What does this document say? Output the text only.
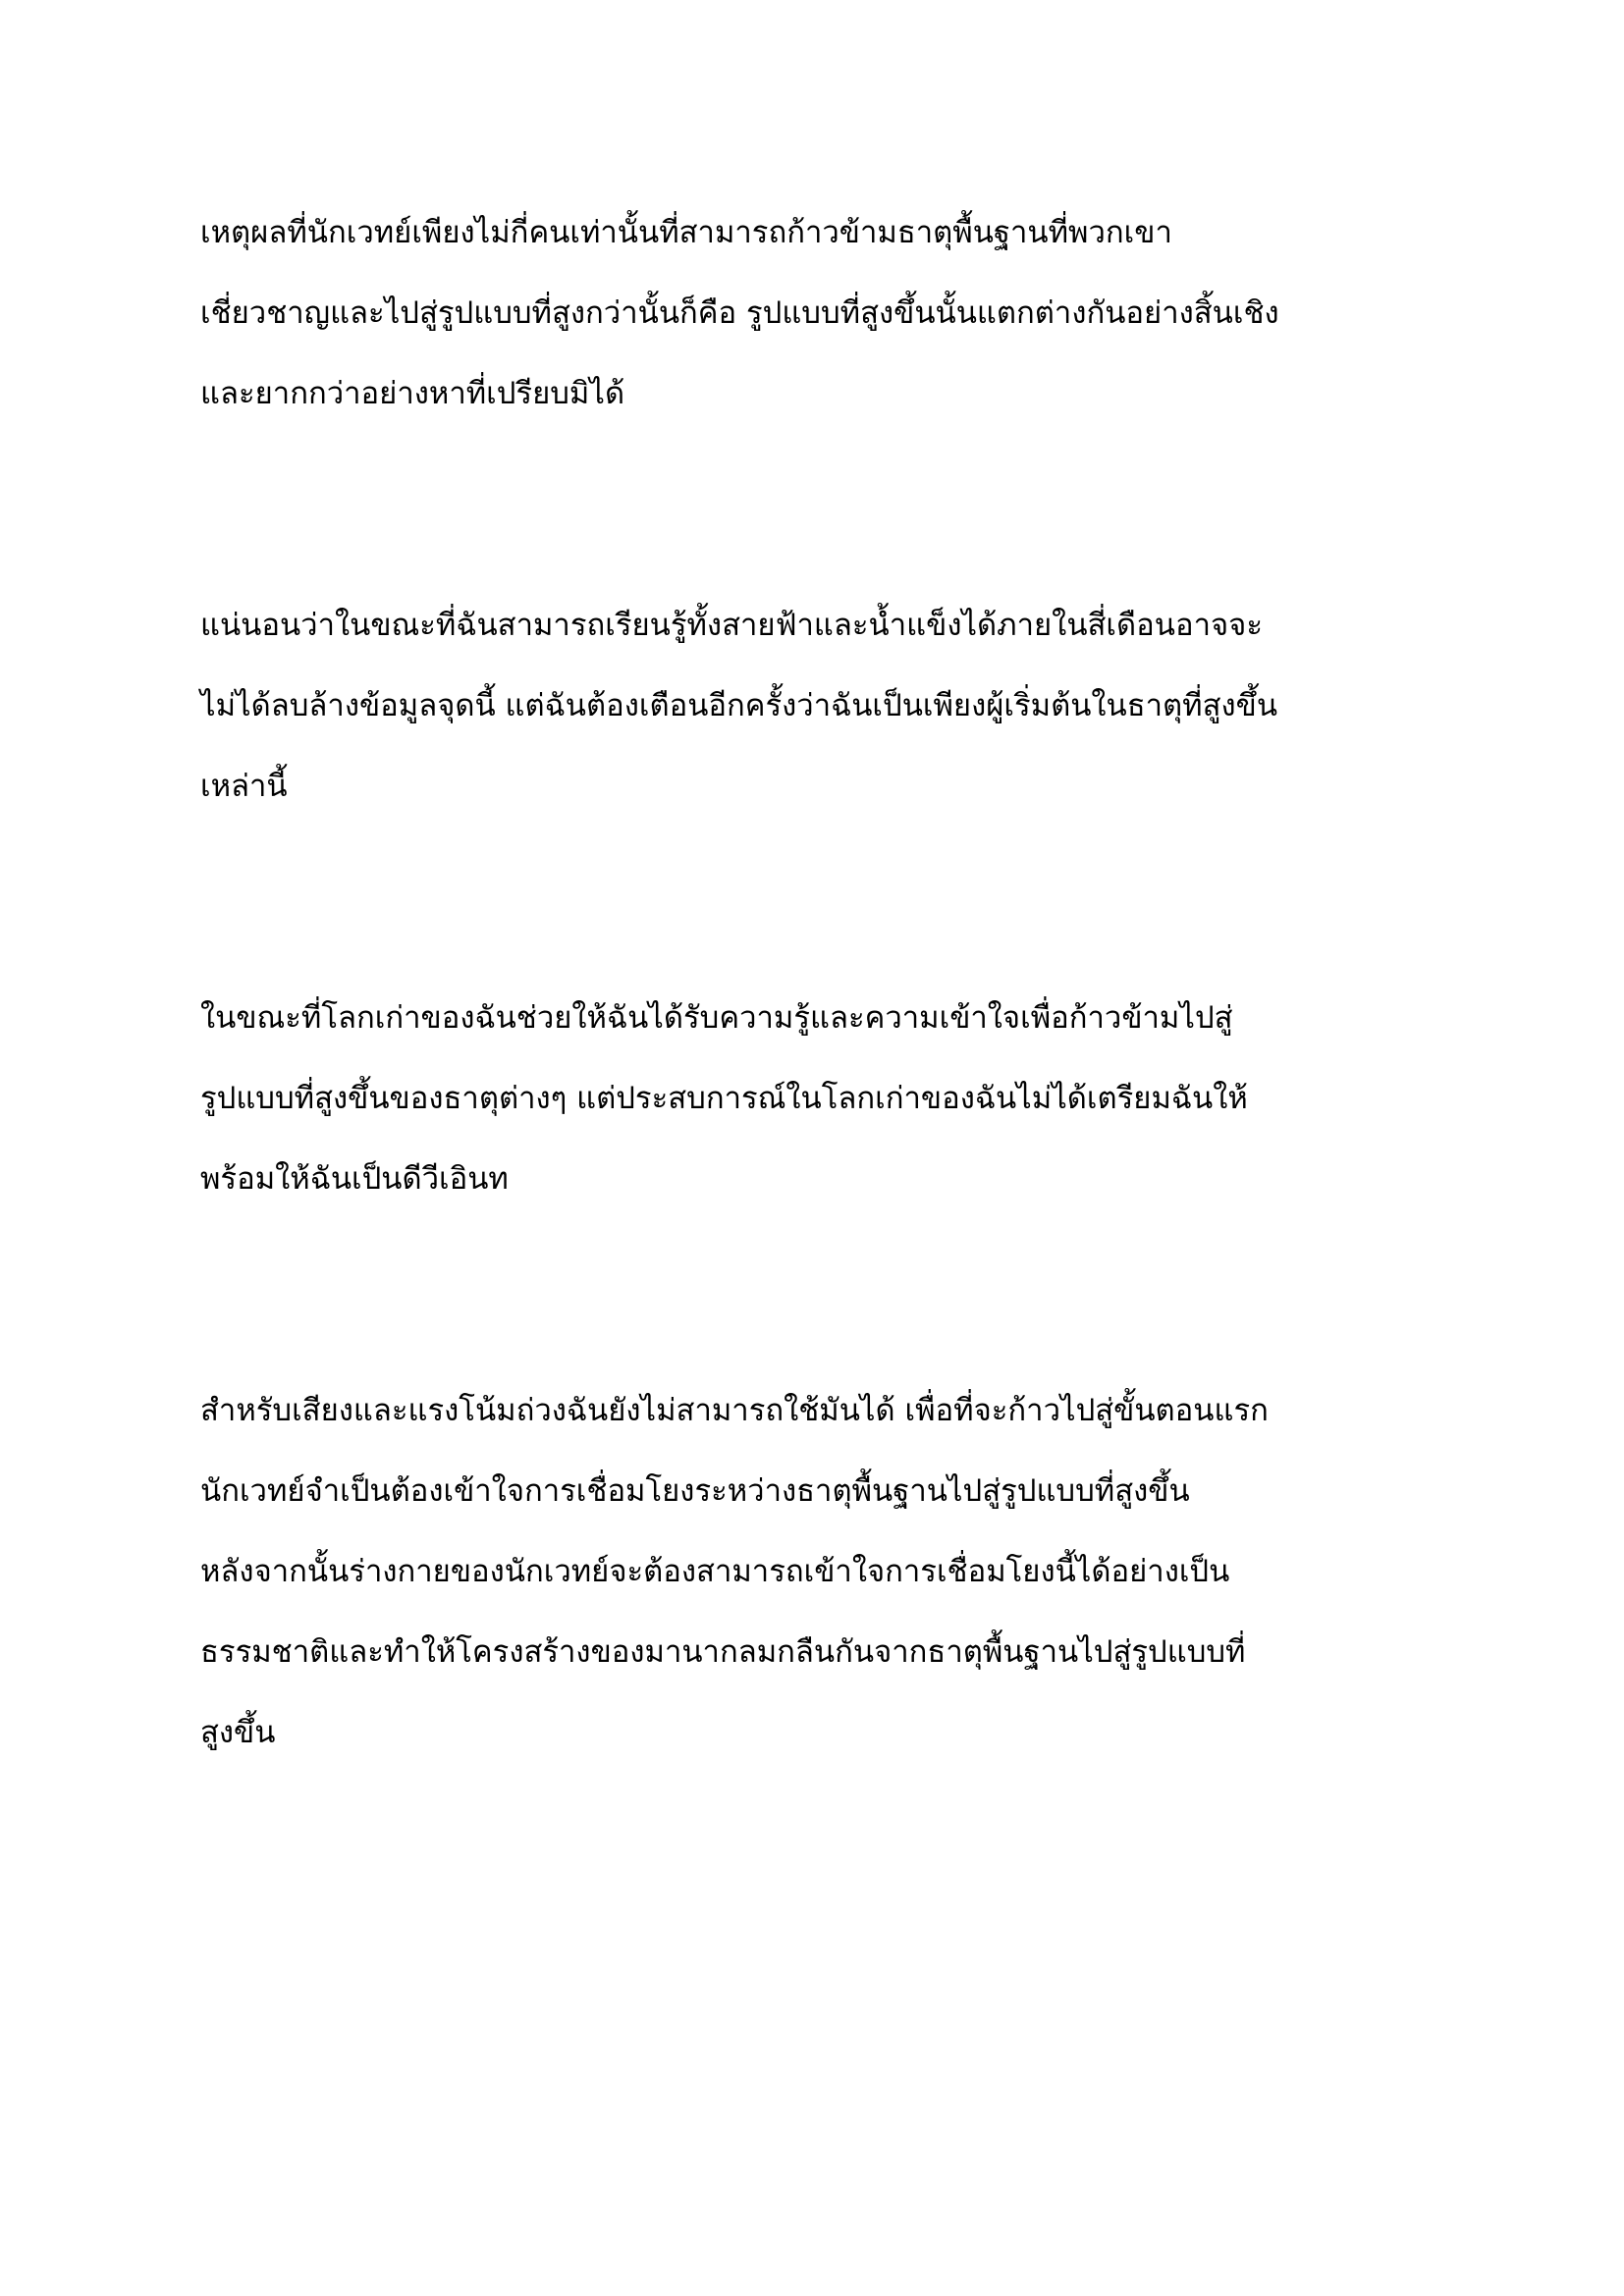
เหตุผลที่นักเวทย์เพียงไม่กี่คนเท่านั้นที่สามารถก้าวข้ามธาตุพื้นฐานที่พวกเขา
เชี่ยวชาญและไปสู่รูปแบบที่สูงกว่านั้นก็คือ รูปแบบที่สูงขึ้นนั้นแตกต่างกันอย่างสิ้นเชิง
และยากกว่าอย่างหาที่เปรียบมิได้

แน่นอนว่าในขณะที่ฉันสามารถเรียนรู้ทั้งสายฟ้าและน้ำแข็งได้ภายในสี่เดือนอาจจะ
ไม่ได้ลบล้างข้อมูลจุดนี้ แต่ฉันต้องเตือนอีกครั้งว่าฉันเป็นเพียงผู้เริ่มต้นในธาตุที่สูงขึ้น
เหล่านี้

ในขณะที่โลกเก่าของฉันช่วยให้ฉันได้รับความรู้และความเข้าใจเพื่อก้าวข้ามไปสู่
รูปแบบที่สูงขึ้นของธาตุต่างๆ แต่ประสบการณ์ในโลกเก่าของฉันไม่ได้เตรียมฉันให้
พร้อมให้ฉันเป็นดีวีเอินท

สำหรับเสียงและแรงโน้มถ่วงฉันยังไม่สามารถใช้มันได้ เพื่อที่จะก้าวไปสู่ขั้นตอนแรก
นักเวทย์จำเป็นต้องเข้าใจการเชื่อมโยงระหว่างธาตุพื้นฐานไปสู่รูปแบบที่สูงขึ้น
หลังจากนั้นร่างกายของนักเวทย์จะต้องสามารถเข้าใจการเชื่อมโยงนี้ได้อย่างเป็น
ธรรมชาติและทำให้โครงสร้างของมานากลมกลืนกันจากธาตุพื้นฐานไปสู่รูปแบบที่
สูงขึ้น
